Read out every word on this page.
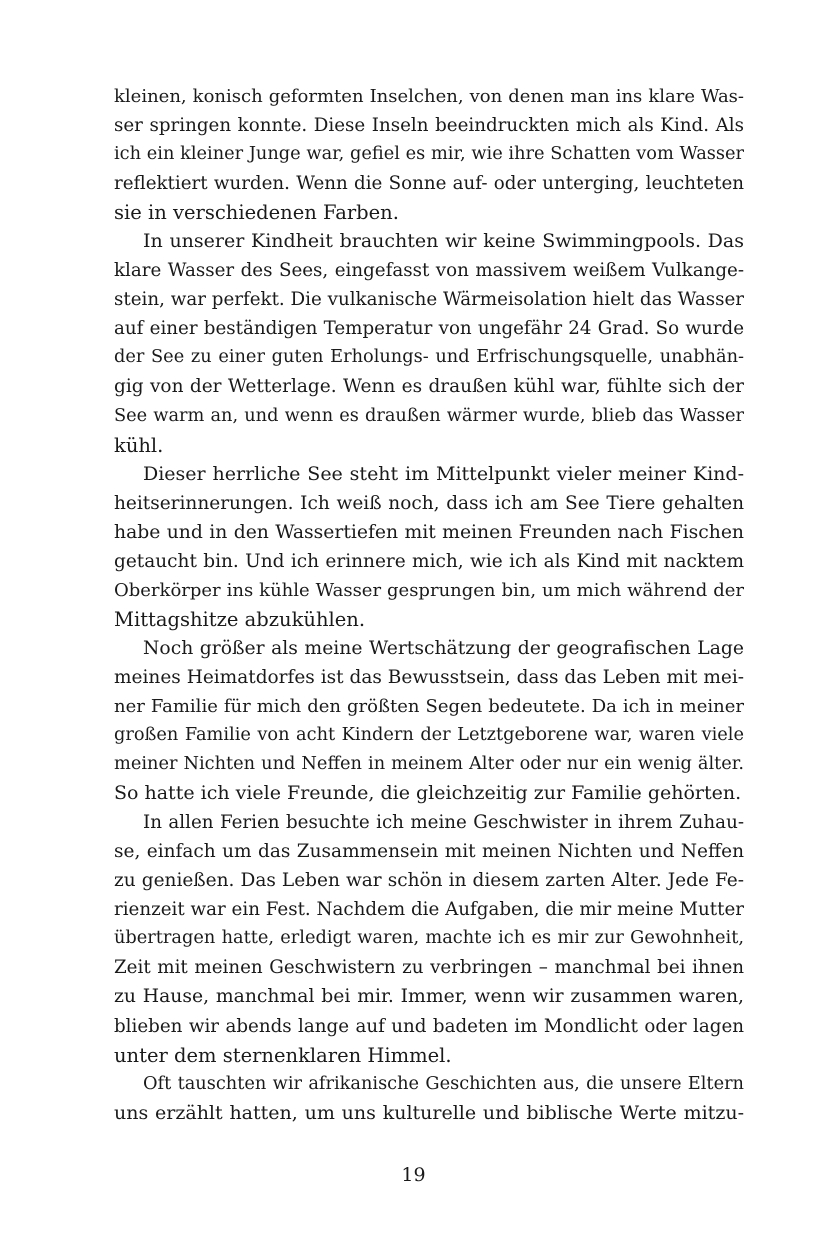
kleinen, konisch geformten Inselchen, von denen man ins klare Was-
ser springen konnte. Diese Inseln beeindruckten mich als Kind. Als
ich ein kleiner Junge war, gefiel es mir, wie ihre Schatten vom Wasser
reflektiert wurden. Wenn die Sonne auf- oder unterging, leuchteten
sie in verschiedenen Farben.
In unserer Kindheit brauchten wir keine Swimmingpools. Das
klare Wasser des Sees, eingefasst von massivem weißem Vulkange-
stein, war perfekt. Die vulkanische Wärmeisolation hielt das Wasser
auf einer beständigen Temperatur von ungefähr 24 Grad. So wurde
der See zu einer guten Erholungs- und Erfrischungsquelle, unabhän-
gig von der Wetterlage. Wenn es draußen kühl war, fühlte sich der
See warm an, und wenn es draußen wärmer wurde, blieb das Wasser
kühl.
Dieser herrliche See steht im Mittelpunkt vieler meiner Kind-
heitserinnerungen. Ich weiß noch, dass ich am See Tiere gehalten
habe und in den Wassertiefen mit meinen Freunden nach Fischen
getaucht bin. Und ich erinnere mich, wie ich als Kind mit nacktem
Oberkörper ins kühle Wasser gesprungen bin, um mich während der
Mittagshitze abzukühlen.
Noch größer als meine Wertschätzung der geografischen Lage
meines Heimatdorfes ist das Bewusstsein, dass das Leben mit mei-
ner Familie für mich den größten Segen bedeutete. Da ich in meiner
großen Familie von acht Kindern der Letztgeborene war, waren viele
meiner Nichten und Neffen in meinem Alter oder nur ein wenig älter.
So hatte ich viele Freunde, die gleichzeitig zur Familie gehörten.
In allen Ferien besuchte ich meine Geschwister in ihrem Zuhau-
se, einfach um das Zusammensein mit meinen Nichten und Neffen
zu genießen. Das Leben war schön in diesem zarten Alter. Jede Fe-
rienzeit war ein Fest. Nachdem die Aufgaben, die mir meine Mutter
übertragen hatte, erledigt waren, machte ich es mir zur Gewohnheit,
Zeit mit meinen Geschwistern zu verbringen – manchmal bei ihnen
zu Hause, manchmal bei mir. Immer, wenn wir zusammen waren,
blieben wir abends lange auf und badeten im Mondlicht oder lagen
unter dem sternenklaren Himmel.
Oft tauschten wir afrikanische Geschichten aus, die unsere Eltern
uns erzählt hatten, um uns kulturelle und biblische Werte mitzu-
19
